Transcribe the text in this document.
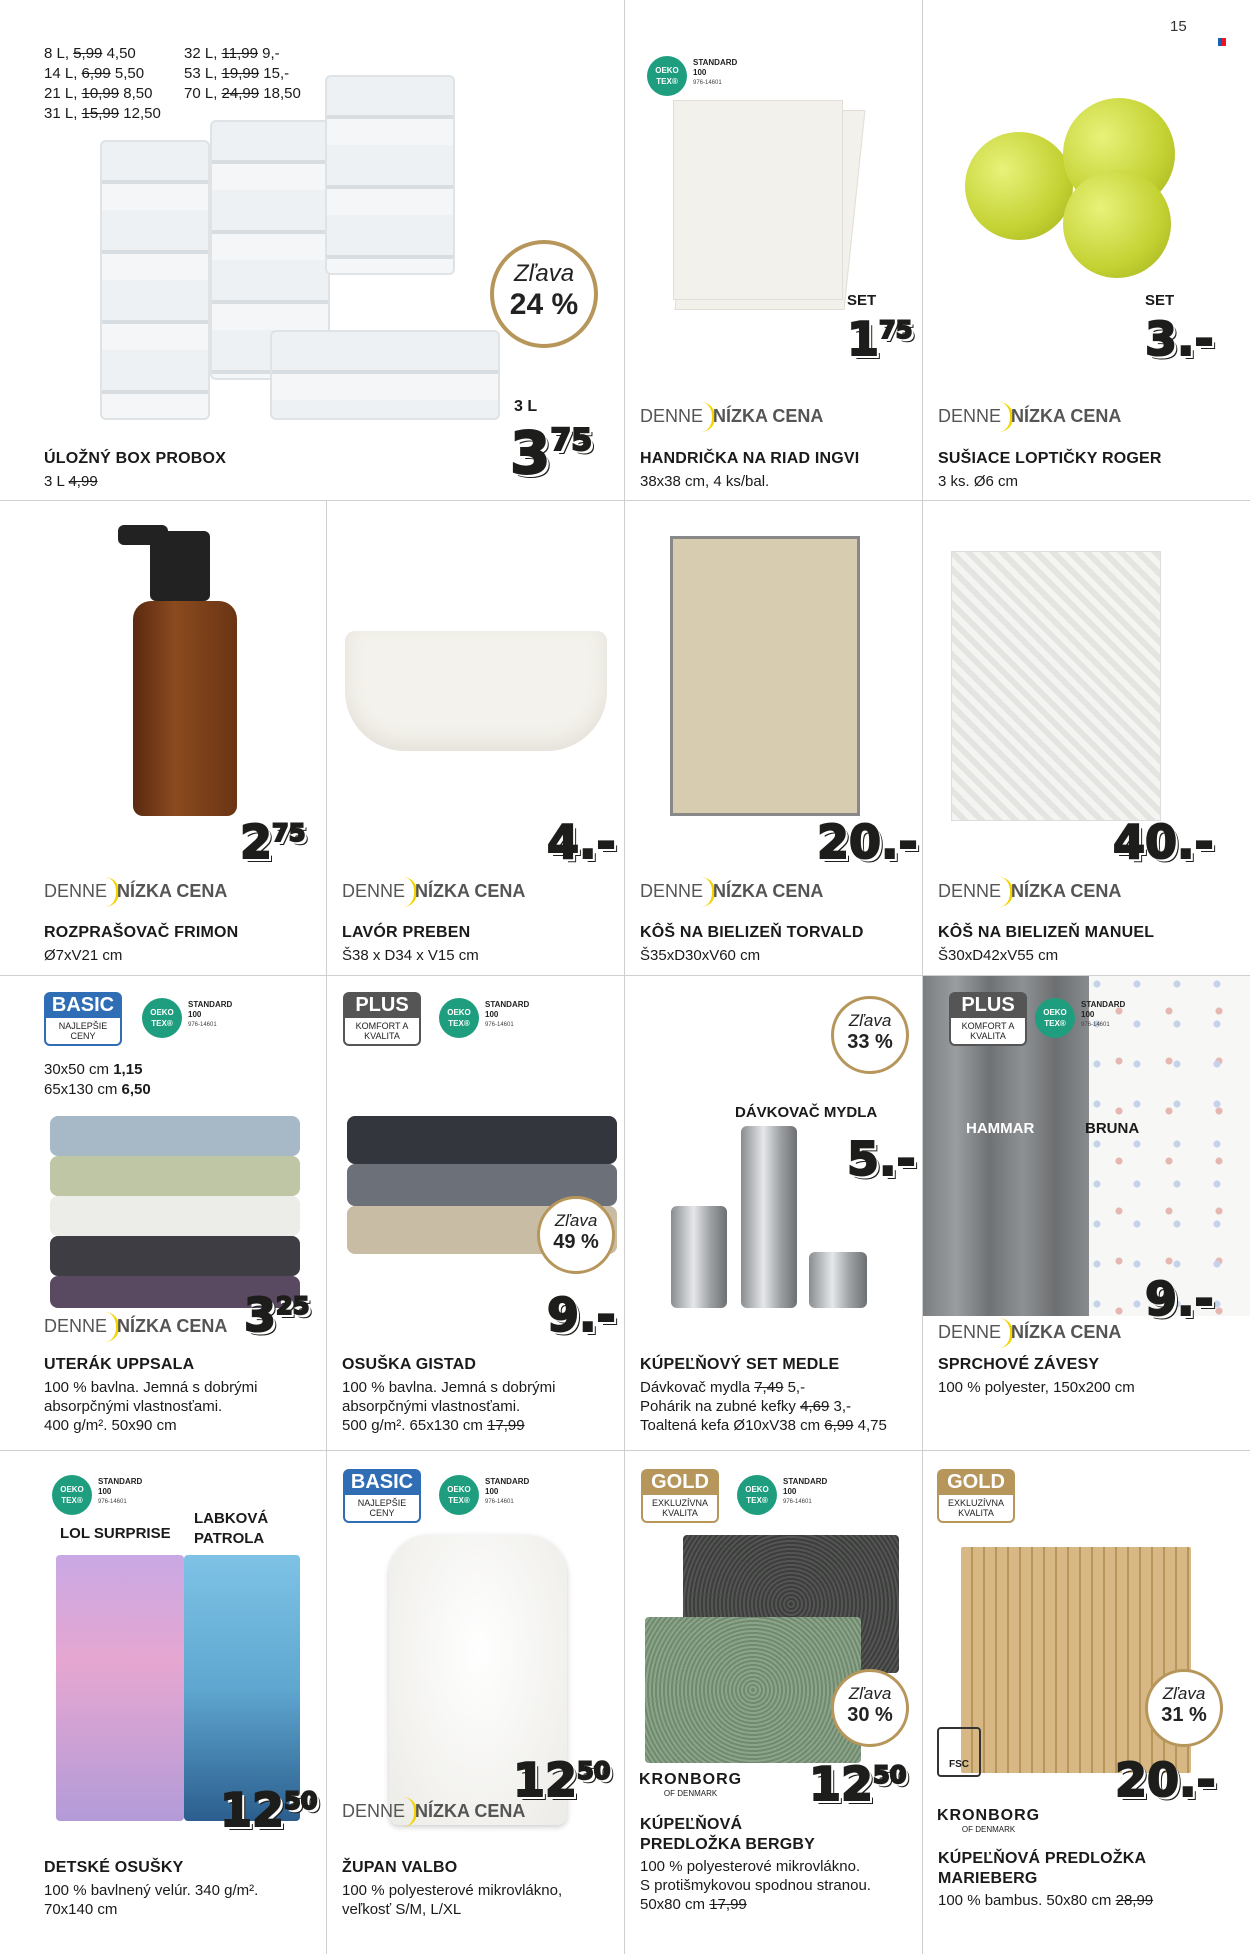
15
8 L, 5,99 4,50
14 L, 6,99 5,50
21 L, 10,99 8,50
31 L, 15,99 12,50
32 L, 11,99 9,-
53 L, 19,99 15,-
70 L, 24,99 18,50
Zľava
24 %
3 L
375
ÚLOŽNÝ BOX PROBOX
3 L 4,99
OEKO
TEX®
STANDARD
100
976-14601
SET
175
DENNE NÍZKA CENA
HANDRIČKA NA RIAD INGVI
38x38 cm, 4 ks/bal.
SET
3.-
DENNE NÍZKA CENA
SUŠIACE LOPTIČKY ROGER
3 ks. Ø6 cm
275
DENNE NÍZKA CENA
ROZPRAŠOVAČ FRIMON
Ø7xV21 cm
4.-
DENNE NÍZKA CENA
LAVÓR PREBEN
Š38 x D34 x V15 cm
20.-
DENNE NÍZKA CENA
KÔŠ NA BIELIZEŇ TORVALD
Š35xD30xV60 cm
40.-
DENNE NÍZKA CENA
KÔŠ NA BIELIZEŇ MANUEL
Š30xD42xV55 cm
BASIC
NAJLEPŠIE CENY
OEKO
TEX®
STANDARD
100
976-14601
30x50 cm 1,15
65x130 cm 6,50
DENNE NÍZKA CENA 325
UTERÁK UPPSALA
100 % bavlna. Jemná s dobrými
absorpčnými vlastnosťami.
400 g/m². 50x90 cm
PLUS
KOMFORT A KVALITA
OEKO
TEX®
STANDARD
100
976-14601
Zľava
49 %
9.-
OSUŠKA GISTAD
100 % bavlna. Jemná s dobrými
absorpčnými vlastnosťami.
500 g/m². 65x130 cm 17,99
Zľava
33 %
DÁVKOVAČ MYDLA
5.-
KÚPEĽŇOVÝ SET MEDLE
Dávkovač mydla 7,49 5,-
Pohárik na zubné kefky 4,69 3,-
Toaltená kefa Ø10xV38 cm 6,99 4,75
PLUS
KOMFORT A KVALITA
OEKO
TEX®
STANDARD
100
976-14601
HAMMAR	BRUNA
9.-
DENNE NÍZKA CENA
SPRCHOVÉ ZÁVESY
100 % polyester, 150x200 cm
OEKO
TEX®
STANDARD
100
976-14601
LOL SURPRISE
LABKOVÁ PATROLA
1250
DETSKÉ OSUŠKY
100 % bavlnený velúr. 340 g/m².
70x140 cm
BASIC
NAJLEPŠIE CENY
OEKO
TEX®
STANDARD
100
976-14601
1250
DENNE NÍZKA CENA
ŽUPAN VALBO
100 % polyesterové mikrovlákno,
veľkosť S/M, L/XL
GOLD
EXKLUZÍVNA KVALITA
OEKO
TEX®
STANDARD
100
976-14601
Zľava
30 %
KRONBORG
OF DENMARK	1250
KÚPEĽŇOVÁ
PREDLOŽKA BERGBY
100 % polyesterové mikrovlákno.
S protišmykovou spodnou stranou.
50x80 cm 17,99
GOLD
EXKLUZÍVNA KVALITA
Zľava
31 %
FSC	20.-
KRONBORG
OF DENMARK
KÚPEĽŇOVÁ PREDLOŽKA
MARIEBERG
100 % bambus. 50x80 cm 28,99
